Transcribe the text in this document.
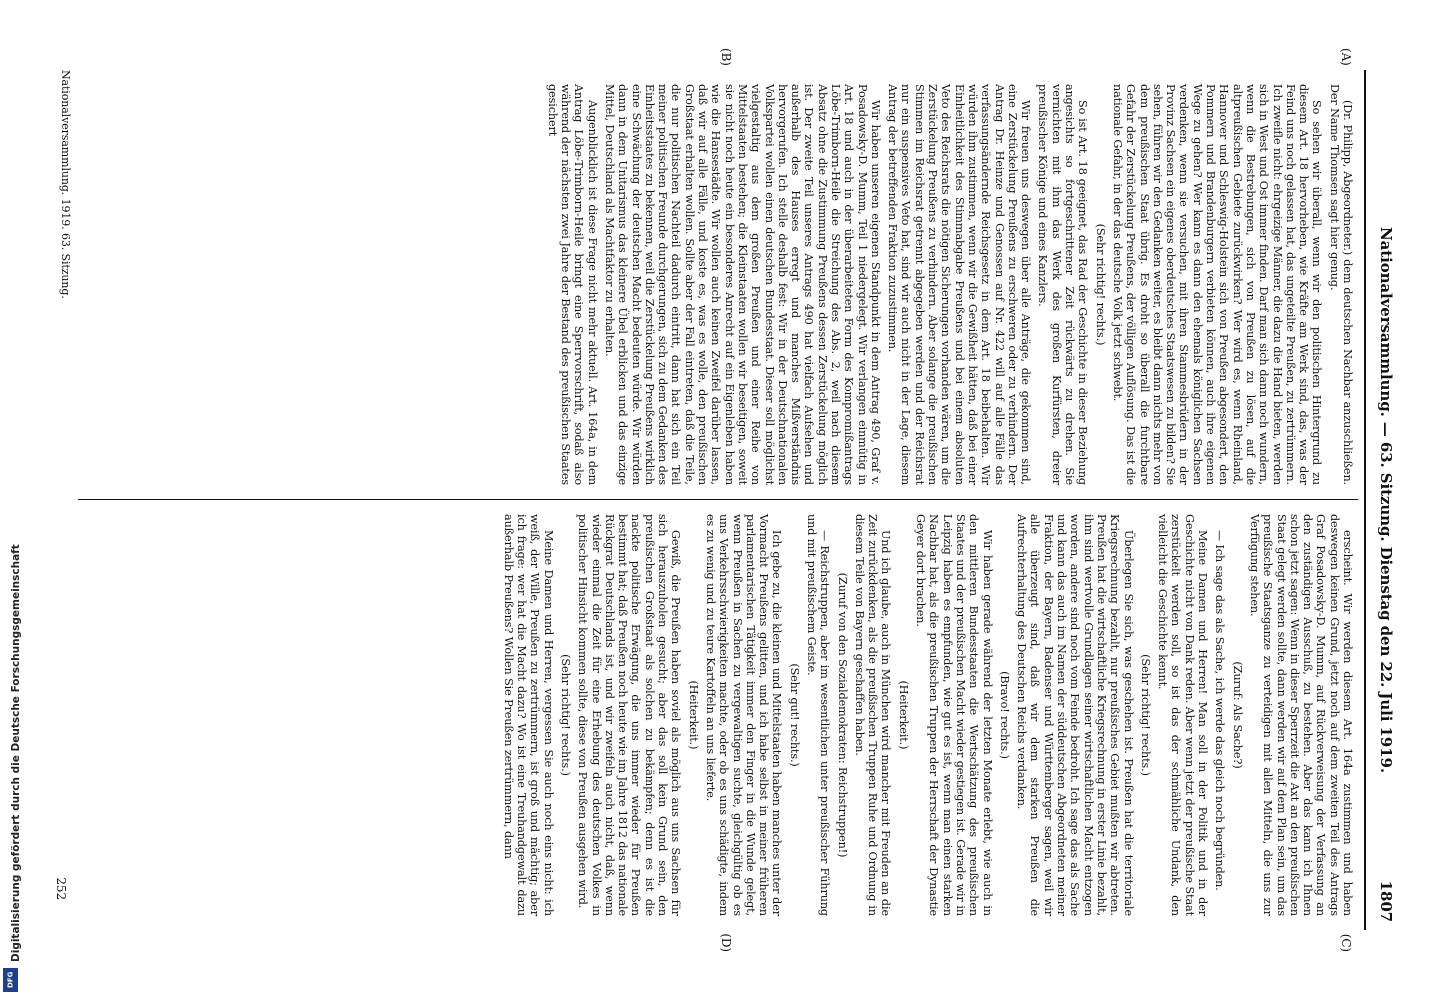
Digitalisierung gefördert durch die Deutsche Forschungsgemeinschaft
DFG
Nationalversammlung. — 63. Sitzung. Dienstag den 22. Juli 1919.
1807
(A)
(B)
(C)
(D)

(Dr. Philipp, Abgeordneter.) dem deutschen Nachbar anzuschließen. Der Name Thomsen sagt hier genug.

So sehen wir überall, wenn wir den politischen Hintergrund zu diesem Art. 18 hervorheben, wie Kräfte am Werk sind, das, was der Feind uns noch gelassen hat, das ungeteilte Preußen, zu zertrümmern. Ich zweifle nicht: ehrgeizige Männer, die dazu die Hand bieten, werden sich in West und Ost immer finden. Darf man sich dann noch wundern, wenn die Bestrebungen, sich von Preußen zu lösen, auf die altpreußischen Gebiete zurückwirken? Wer wird es, wenn Rheinland, Hannover und Schleswig-Holstein sich von Preußen abgesondert, den Pommern und Brandenburgern verbieten können, auch ihre eigenen Wege zu gehen? Wer kann es dann den ehemals königlichen Sachsen verdenken, wenn sie versuchen, mit ihren Stammesbrüdern in der Provinz Sachsen ein eigenes oberdeutsches Staatswesen zu bilden? Sie sehen, führen wir den Gedanken weiter, es bleibt dann nichts mehr von dem preußischen Staat übrig. Es droht so überall die furchtbare Gefahr der Zerstückelung Preußens, der völligen Auflösung. Das ist die nationale Gefahr, in der das deutsche Volk jetzt schwebt.

(Sehr richtig! rechts.)

So ist Art. 18 geeignet, das Rad der Geschichte in dieser Beziehung angesichts so fortgeschrittener Zeit rückwärts zu drehen. Sie vernichten mit ihm das Werk des großen Kurfürsten, dreier preußischer Könige und eines Kanzlers.

Wir freuen uns deswegen über alle Anträge, die gekommen sind, eine Zerstückelung Preußens zu erschweren oder zu verhindern. Der Antrag Dr. Heinze und Genossen auf Nr. 422 will auf alle Fälle das verfassungsändernde Reichsgesetz in dem Art. 18 beibehalten. Wir würden ihm zustimmen, wenn wir die Gewißheit hätten, daß bei einer Einheitlichkeit des Stimmabgabe Preußens und bei einem absoluten Veto des Reichsrats die nötigen Sicherungen vorhanden wären, um die Zerstückelung Preußens zu verhindern. Aber solange die preußischen Stimmen im Reichsrat getrennt abgegeben werden und der Reichsrat nur ein suspensives Veto hat, sind wir auch nicht in der Lage, diesem Antrag der betreffenden Fraktion zuzustimmen.

Wir haben unseren eigenen Standpunkt in dem Antrag 490, Graf v. Posadowsky-D. Mumm, Teil 1 niedergelegt. Wir verlangen einmütig in Art. 18 und auch in der überarbeiteten Form des Kompromißantrags Löbe-Trimborn-Heile die Streichung des Abs. 2, weil nach diesem Absatz ohne die Zustimmung Preußens dessen Zerstückelung möglich ist. Der zweite Teil unseres Antrags 490 hat vielfach Aufsehen und außerhalb des Hauses erregt und manches Mißverständnis hervorgerufen. Ich stelle deshalb fest: Wir in der Deutschnationalen Volkspartei wollen einen deutschen Bundesstaat. Dieser soll möglichst vielgestaltig aus dem großen Preußen und einer Reihe von Mittelstaaten bestehen; die Kleinstaaten wollen wir beseitigen, soweit sie nicht noch heute ein besonderes Anrecht auf ein Eigenleben haben wie die Hansestädte. Wir wollen auch keinen Zweifel darüber lassen, daß wir auf alle Fälle, und koste es, was es wolle, den preußischen Großstaat erhalten wollen. Sollte aber der Fall eintreten, daß die Teile, die nur politischen Nachteil dadurch eintritt, dann hat sich ein Teil meiner politischen Freunde durchgerungen, sich zu dem Gedanken des Einheitsstaates zu bekennen, weil die Zerstückelung Preußens wirklich eine Schwächung der deutschen Macht bedeuten würde. Wir würden dann in dem Unitarismus das kleinere Übel erblicken und das einzige Mittel, Deutschland als Machtfaktor zu erhalten.

Augenblicklich ist diese Frage nicht mehr aktuell. Art. 164a, in dem Antrag Löbe-Trimborn-Heile bringt eine Sperrvorschrift, sodaß also während der nächsten zwei Jahre der Bestand des preußischen Staates gesichert

erscheint. Wir werden diesem Art. 164a zustimmen und haben deswegen keinen Grund, jetzt noch auf dem zweiten Teil des Antrags Graf Posadowsky-D. Mumm, auf Rückverweisung der Verfassung an den zuständigen Ausschuß, zu bestehen. Aber das kann ich Ihnen schon jetzt sagen: Wenn in dieser Sperrzeit die Axt an den preußischen Staat gelegt werden sollte, dann werden wir auf dem Plan sein, um das preußische Staatsganze zu verteidigen mit allen Mitteln, die uns zur Verfügung stehen.

(Zuruf: Als Sache?)

— Ich sage das als Sache, ich werde das gleich noch begründen.

Meine Damen und Herren! Man soll in der Politik und in der Geschichte nicht von Dank reden. Aber wenn jetzt der preußische Staat zerstückelt werden soll, so ist das der schmähliche Undank, den vielleicht die Geschichte kennt.

(Sehr richtig! rechts.)

Überlegen Sie sich, was geschehen ist. Preußen hat die territoriale Kriegsrechnung bezahlt, nur preußisches Gebiet mußten wir abtreten. Preußen hat die wirtschaftliche Kriegsrechnung in erster Linie bezahlt, ihm sind wertvolle Grundlagen seiner wirtschaftlichen Macht entzogen worden, andere sind noch vom Feinde bedroht. Ich sage das als Sache und kann das auch im Namen der süddeutschen Abgeordneten meiner Fraktion, der Bayern, Badenser und Württemberger sagen, weil wir alle überzeugt sind, daß wir dem starken Preußen die Aufrechterhaltung des Deutschen Reichs verdanken.

(Bravo! rechts.)

Wir haben gerade während der letzten Monate erlebt, wie auch in den mittleren Bundesstaaten die Wertschätzung des preußischen Staates und der preußischen Macht wieder gestiegen ist. Gerade wir in Leipzig haben es empfunden, wie gut es ist, wenn man einen starken Nachbar hat, als die preußischen Truppen der Herrschaft der Dynastie Geyer dort brachen.

(Heiterkeit.)

Und ich glaube, auch in München wird mancher mit Freuden an die Zeit zurückdenken, als die preußischen Truppen Ruhe und Ordnung in diesem Teile von Bayern geschaffen haben.

(Zuruf von den Sozialdemokraten: Reichstruppen!)

— Reichstruppen, aber im wesentlichen unter preußischer Führung und mit preußischem Geiste.

(Sehr gut! rechts.)

Ich gebe zu, die kleinen und Mittelstaaten haben manches unter der Vormacht Preußens gelitten, und ich habe selbst in meiner früheren parlamentarischen Tätigkeit immer den Finger in die Wunde gelegt, wenn Preußen in Sachen zu vergewaltigen suchte, gleichgültig ob es uns Verkehrsschwierigkeiten machte, oder ob es uns schädigte, indem es zu wenig und zu teure Kartoffeln an uns lieferte.

(Heiterkeit.)

Gewiß, die Preußen haben soviel als möglich aus uns Sachsen für sich herauszuholen gesucht; aber das soll kein Grund sein, den preußischen Großstaat als solchen zu bekämpfen; denn es ist die nackte politische Erwägung, die uns immer wieder für Preußen bestimmt hat; daß Preußen noch heute wie im Jahre 1812 das nationale Rückgrat Deutschlands ist, und wir zweifeln auch nicht, daß, wenn wieder einmal die Zeit für eine Erhebung des deutschen Volkes in politischer Hinsicht kommen sollte, diese von Preußen ausgehen wird.

(Sehr richtig! rechts.)

Meine Damen und Herren, vergessen Sie auch noch eins nicht: ich weiß, der Wille, Preußen zu zertrümmern, ist groß und mächtig; aber ich frage: wer hat die Macht dazu? Wo ist eine Treuhandgewalt dazu außerhalb Preußens? Wollen Sie Preußen zertrümmern, dann

Nationalversammlung. 1919. 63. Sitzung.
252
